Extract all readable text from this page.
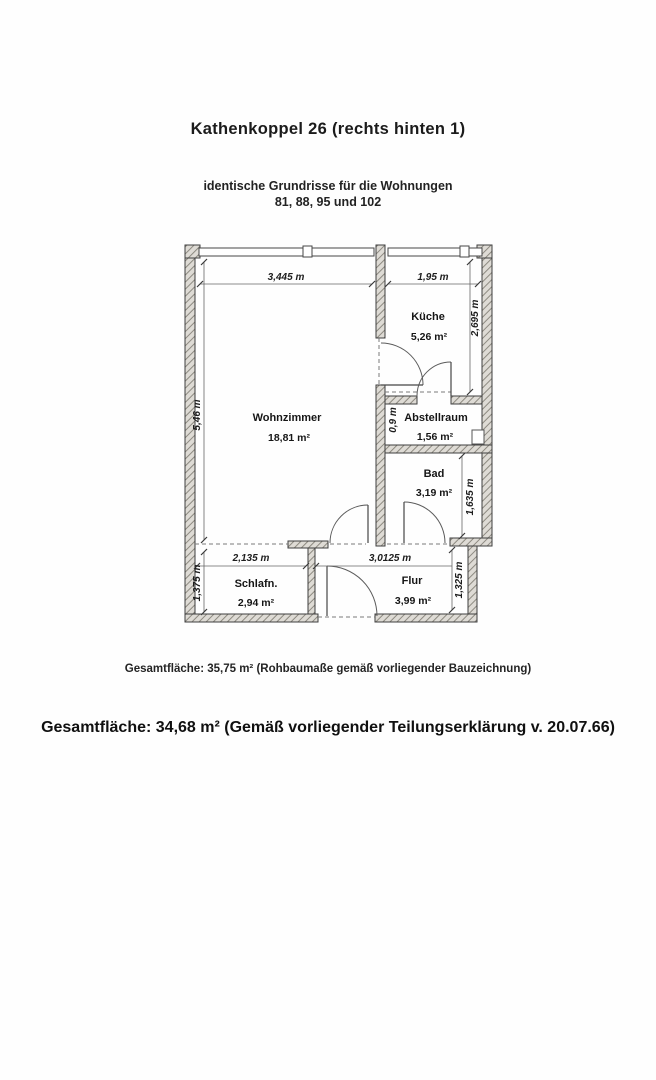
Kathenkoppel 26 (rechts hinten 1)
identische Grundrisse für die Wohnungen
81, 88, 95 und 102
3,445 m	1,95 m
5,46 m
2,695 m
0,9 m
1,635 m
2,135 m
1,375 m
3,0125 m
1,325 m
Wohnzimmer
18,81 m²
Küche
5,26 m²
Abstellraum
1,56 m²
Bad
3,19 m²
Schlafn.
2,94 m²
Flur
3,99 m²
Gesamtfläche: 35,75 m² (Rohbaumaße gemäß vorliegender Bauzeichnung)
Gesamtfläche: 34,68 m² (Gemäß vorliegender Teilungserklärung v. 20.07.66)
